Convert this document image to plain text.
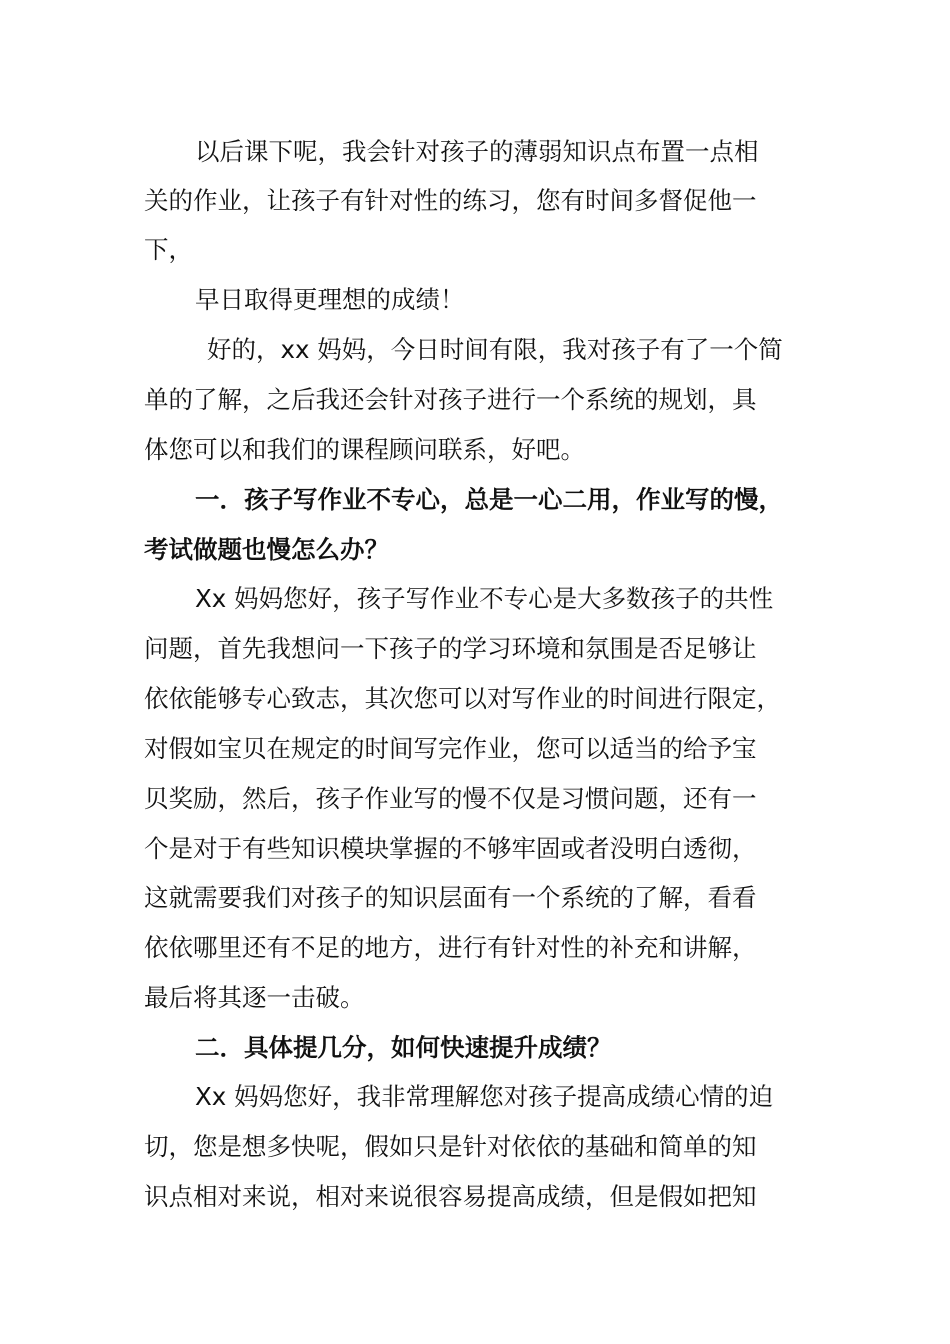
以后课下呢，我会针对孩子的薄弱知识点布置一点相
关的作业，让孩子有针对性的练习，您有时间多督促他一
下，
早日取得更理想的成绩！
好的，xx 妈妈，今日时间有限，我对孩子有了一个简
单的了解，之后我还会针对孩子进行一个系统的规划，具
体您可以和我们的课程顾问联系，好吧。
一．孩子写作业不专心，总是一心二用，作业写的慢，
考试做题也慢怎么办？
Xx 妈妈您好，孩子写作业不专心是大多数孩子的共性
问题，首先我想问一下孩子的学习环境和氛围是否足够让
依依能够专心致志，其次您可以对写作业的时间进行限定，
对假如宝贝在规定的时间写完作业，您可以适当的给予宝
贝奖励，然后，孩子作业写的慢不仅是习惯问题，还有一
个是对于有些知识模块掌握的不够牢固或者没明白透彻，
这就需要我们对孩子的知识层面有一个系统的了解，看看
依依哪里还有不足的地方，进行有针对性的补充和讲解，
最后将其逐一击破。
二．具体提几分，如何快速提升成绩？
Xx 妈妈您好，我非常理解您对孩子提高成绩心情的迫
切，您是想多快呢，假如只是针对依依的基础和简单的知
识点相对来说，相对来说很容易提高成绩，但是假如把知
